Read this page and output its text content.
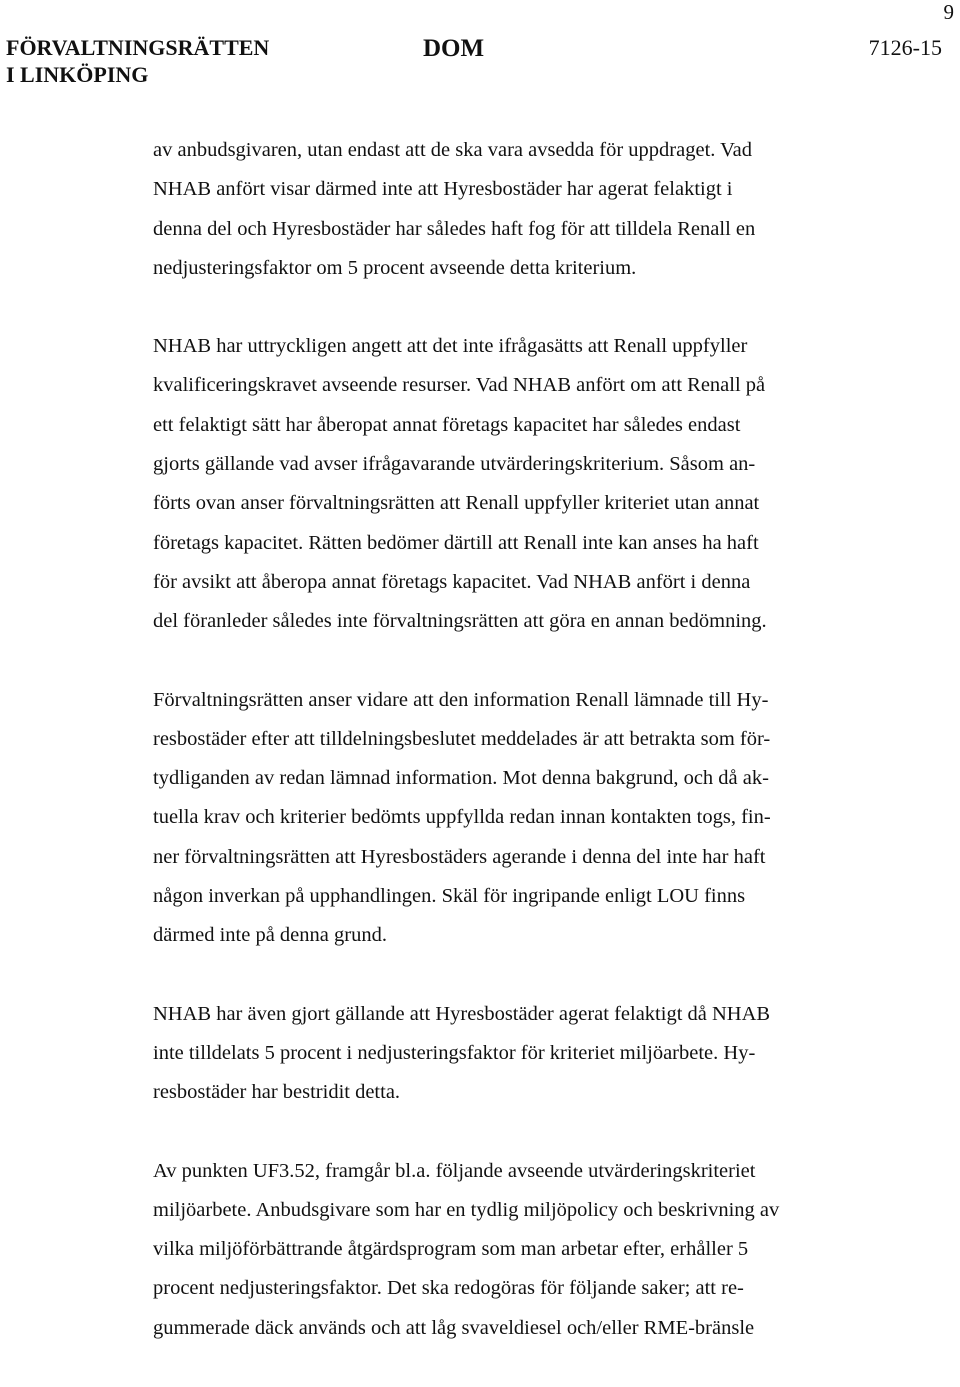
9
FÖRVALTNINGSRÄTTEN
I LINKÖPING
DOM	7126-15

av anbudsgivaren, utan endast att de ska vara avsedda för uppdraget. Vad
NHAB anfört visar därmed inte att Hyresbostäder har agerat felaktigt i
denna del och Hyresbostäder har således haft fog för att tilldela Renall en
nedjusteringsfaktor om 5 procent avseende detta kriterium.

NHAB har uttryckligen angett att det inte ifrågasätts att Renall uppfyller
kvalificeringskravet avseende resurser. Vad NHAB anfört om att Renall på
ett felaktigt sätt har åberopat annat företags kapacitet har således endast
gjorts gällande vad avser ifrågavarande utvärderingskriterium. Såsom an-
förts ovan anser förvaltningsrätten att Renall uppfyller kriteriet utan annat
företags kapacitet. Rätten bedömer därtill att Renall inte kan anses ha haft
för avsikt att åberopa annat företags kapacitet. Vad NHAB anfört i denna
del föranleder således inte förvaltningsrätten att göra en annan bedömning.

Förvaltningsrätten anser vidare att den information Renall lämnade till Hy-
resbostäder efter att tilldelningsbeslutet meddelades är att betrakta som för-
tydliganden av redan lämnad information. Mot denna bakgrund, och då ak-
tuella krav och kriterier bedömts uppfyllda redan innan kontakten togs, fin-
ner förvaltningsrätten att Hyresbostäders agerande i denna del inte har haft
någon inverkan på upphandlingen. Skäl för ingripande enligt LOU finns
därmed inte på denna grund.

NHAB har även gjort gällande att Hyresbostäder agerat felaktigt då NHAB
inte tilldelats 5 procent i nedjusteringsfaktor för kriteriet miljöarbete. Hy-
resbostäder har bestridit detta.

Av punkten UF3.52, framgår bl.a. följande avseende utvärderingskriteriet
miljöarbete. Anbudsgivare som har en tydlig miljöpolicy och beskrivning av
vilka miljöförbättrande åtgärdsprogram som man arbetar efter, erhåller 5
procent nedjusteringsfaktor. Det ska redogöras för följande saker; att re-
gummerade däck används och att låg svaveldiesel och/eller RME-bränsle
